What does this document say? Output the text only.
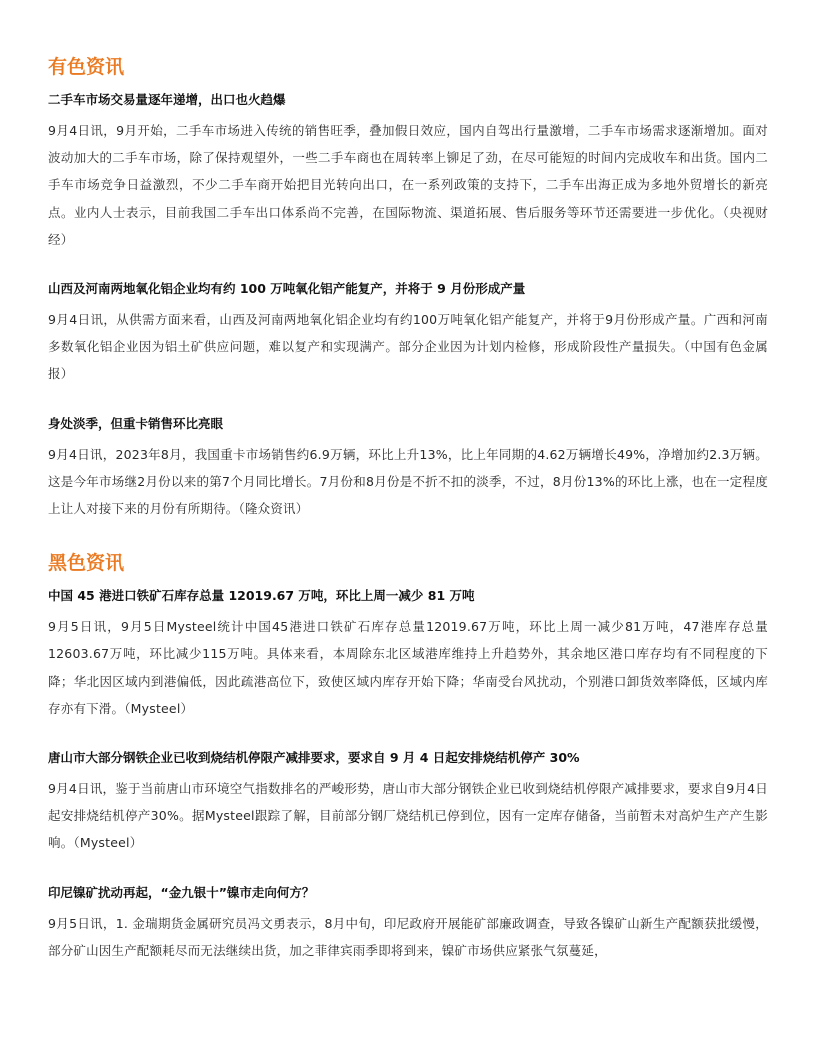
有色资讯
二手车市场交易量逐年递增，出口也火趋爆

9月4日讯，9月开始，二手车市场进入传统的销售旺季，叠加假日效应，国内自驾出行量激增，二手车市场需求逐渐增加。面对波动加大的二手车市场，除了保持观望外，一些二手车商也在周转率上铆足了劲，在尽可能短的时间内完成收车和出货。国内二手车市场竞争日益激烈，不少二手车商开始把目光转向出口，在一系列政策的支持下，二手车出海正成为多地外贸增长的新亮点。业内人士表示，目前我国二手车出口体系尚不完善，在国际物流、渠道拓展、售后服务等环节还需要进一步优化。（央视财经）

山西及河南两地氧化铝企业均有约 100 万吨氧化铝产能复产，并将于 9 月份形成产量

9月4日讯，从供需方面来看，山西及河南两地氧化铝企业均有约100万吨氧化铝产能复产，并将于9月份形成产量。广西和河南多数氧化铝企业因为铝土矿供应问题，难以复产和实现满产。部分企业因为计划内检修，形成阶段性产量损失。（中国有色金属报）

身处淡季，但重卡销售环比亮眼

9月4日讯，2023年8月，我国重卡市场销售约6.9万辆，环比上升13%，比上年同期的4.62万辆增长49%，净增加约2.3万辆。这是今年市场继2月份以来的第7个月同比增长。7月份和8月份是不折不扣的淡季，不过，8月份13%的环比上涨，也在一定程度上让人对接下来的月份有所期待。（隆众资讯）

黑色资讯
中国 45 港进口铁矿石库存总量 12019.67 万吨，环比上周一减少 81 万吨

9月5日讯，9月5日Mysteel统计中国45港进口铁矿石库存总量12019.67万吨，环比上周一减少81万吨，47港库存总量12603.67万吨，环比减少115万吨。具体来看，本周除东北区域港库维持上升趋势外，其余地区港口库存均有不同程度的下降；华北因区域内到港偏低，因此疏港高位下，致使区域内库存开始下降；华南受台风扰动，个别港口卸货效率降低，区域内库存亦有下滑。（Mysteel）

唐山市大部分钢铁企业已收到烧结机停限产减排要求，要求自 9 月 4 日起安排烧结机停产 30%

9月4日讯，鉴于当前唐山市环境空气指数排名的严峻形势，唐山市大部分钢铁企业已收到烧结机停限产减排要求，要求自9月4日起安排烧结机停产30%。据Mysteel跟踪了解，目前部分钢厂烧结机已停到位，因有一定库存储备，当前暂未对高炉生产产生影响。（Mysteel）

印尼镍矿扰动再起，“金九银十”镍市走向何方？

9月5日讯，1. 金瑞期货金属研究员冯文勇表示，8月中旬，印尼政府开展能矿部廉政调查，导致各镍矿山新生产配额获批缓慢，部分矿山因生产配额耗尽而无法继续出货，加之菲律宾雨季即将到来，镍矿市场供应紧张气氛蔓延，
